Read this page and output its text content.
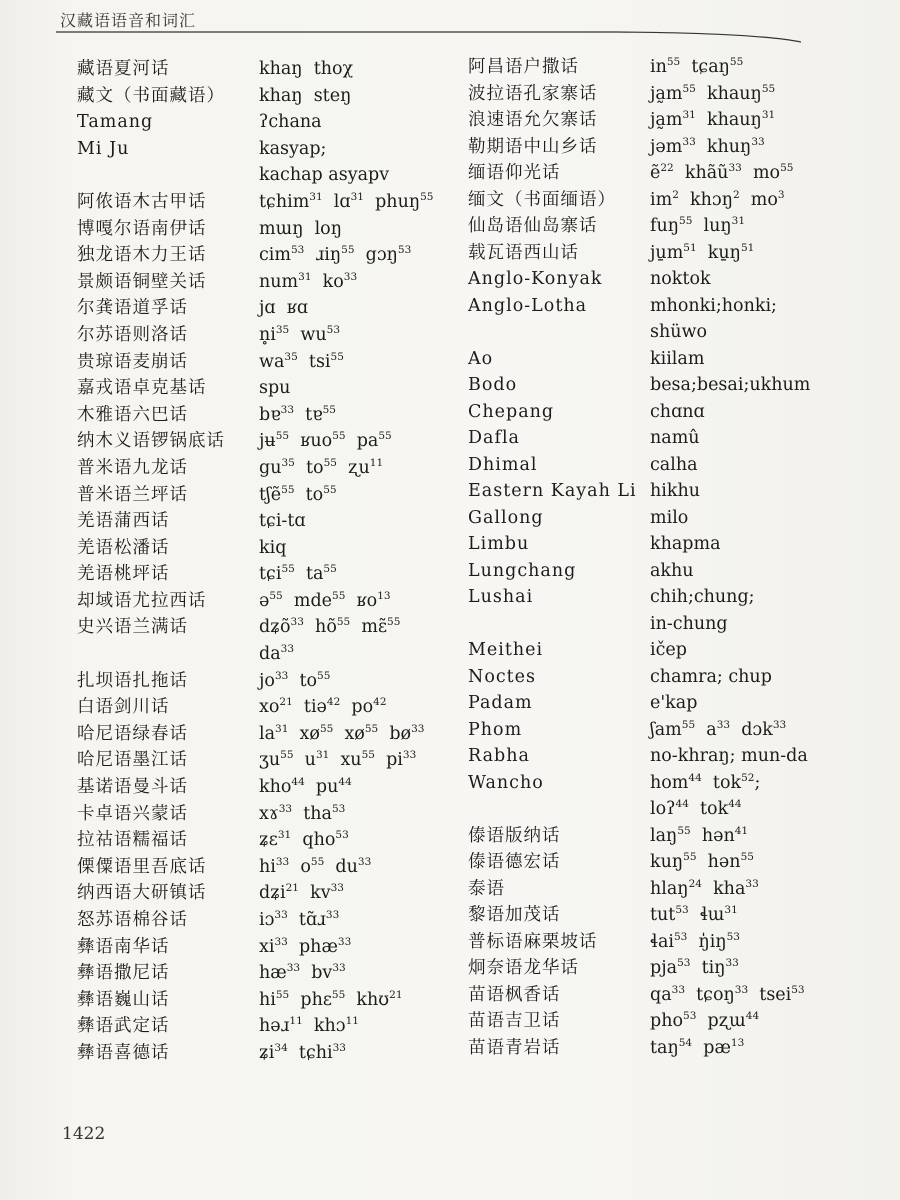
汉藏语语音和词汇
藏语夏河话
藏文（书面藏语）
Tamang
Mi Ju

阿侬语木古甲话
博嘎尔语南伊话
独龙语木力王话
景颇语铜壁关话
尔龚语道孚话
尔苏语则洛话
贵琼语麦崩话
嘉戎语卓克基话
木雅语六巴话
纳木义语锣锅底话
普米语九龙话
普米语兰坪话
羌语蒲西话
羌语松潘话
羌语桃坪话
却域语尤拉西话
史兴语兰满话

扎坝语扎拖话
白语剑川话
哈尼语绿春话
哈尼语墨江话
基诺语曼斗话
卡卓语兴蒙话
拉祜语糯福话
傈僳语里吾底话
纳西语大研镇话
怒苏语棉谷话
彝语南华话
彝语撒尼话
彝语巍山话
彝语武定话
彝语喜德话
khaŋ  thoχ
khaŋ  steŋ
ʔchana
kasyap;
kachap asyapv
tɕhim$^{31}$  lɑ$^{31}$  phuŋ$^{55}$
mɯŋ  loŋ
cim$^{53}$  ɹiŋ$^{55}$  gɔŋ$^{53}$
num$^{31}$  $ko^{33}$
jɑ  ʁɑ
$n̥i^{35}$  $wu^{53}$
$wa^{35}$  tsi$^{55}$
spu
bɐ$^{33}$  tɐ$^{55}$
jʉ$^{55}$  ʁuo$^{55}$  $pa^{55}$
$gu^{35}$  $to^{55}$  ʐu$^{11}$
tʃẽ$^{55}$  $to^{55}$
tɕi-tɑ
kiq
tɕi$^{55}$  $ta^{55}$
ə$^{55}$  mde$^{55}$  ʁo$^{13}$
dʑõ$^{33}$  $hõ^{55}$  mɛ̃$^{55}$
$da^{33}$
$jo^{33}$  $to^{55}$
$xo^{21}$  tiə$^{42}$  $po^{42}$
$la^{31}$  $xø^{55}$  $xø^{55}$  $bø^{33}$
ʒu$^{55}$  $u^{31}$  $xu^{55}$  $pi^{33}$
kho$^{44}$  $pu^{44}$
xɤ$^{33}$  tha$^{53}$
ʑɛ$^{31}$  qho$^{53}$
$hi^{33}$  $o^{55}$  $du^{33}$
dʑi$^{21}$  $kv^{33}$
iɔ$^{33}$  tɑ̃ɹ$^{33}$
$xi^{33}$  phæ$^{33}$
$hæ^{33}$  $bv^{33}$
$hi^{55}$  phɛ$^{55}$  khʊ$^{21}$
həɹ$^{11}$  khɔ$^{11}$
ʑi$^{34}$  tɕhi$^{33}$
阿昌语户撒话
波拉语孔家寨话
浪速语允欠寨话
勒期语中山乡话
缅语仰光话
缅文（书面缅语）
仙岛语仙岛寨话
载瓦语西山话
Anglo-Konyak
Anglo-Lotha

Ao
Bodo
Chepang
Dafla
Dhimal
Eastern Kayah Li
Gallong
Limbu
Lungchang
Lushai

Meithei
Noctes
Padam
Phom
Rabha
Wancho

傣语版纳话
傣语德宏话
泰语
黎语加茂话
普标语麻栗坡话
炯奈语龙华话
苗语枫香话
苗语吉卫话
苗语青岩话
$in^{55}$  tɕaŋ$^{55}$
$ja̰m^{55}$  khauŋ$^{55}$
$ja̰m^{31}$  khauŋ$^{31}$
jəm$^{33}$  khuŋ$^{33}$
ẽ$^{22}$  khãũ$^{33}$  $mo^{55}$
$im^2$  khɔŋ$^2$  $mo^3$
fuŋ$^{55}$  luŋ$^{31}$
$ju̱m^{51}$  $ku̱ŋ^{51}$
noktok
mhonki;honki;
shüwo
kiilam
besa;besai;ukhum
chɑnɑ
namû
calha
hikhu
milo
khapma
akhu
chih;chung;
in-chung
ičep
chamra; chup
e'kap
ʃam$^{55}$  $a^{33}$  dɔk$^{33}$
no-khraŋ; mun-da
hom$^{44}$  tok$^{52}$;
loʔ$^{44}$  tok$^{44}$
laŋ$^{55}$  hən$^{41}$
kuŋ$^{55}$  hən$^{55}$
hlaŋ$^{24}$  kha$^{33}$
tut$^{53}$  ɬɯ$^{31}$
ɬai$^{53}$  $ŋ̍iŋ^{53}$
pja$^{53}$  tiŋ$^{33}$
$qa^{33}$  tɕoŋ$^{33}$  tsei$^{53}$
pho$^{53}$  pʐɯ$^{44}$
taŋ$^{54}$  $pæ^{13}$
1422
